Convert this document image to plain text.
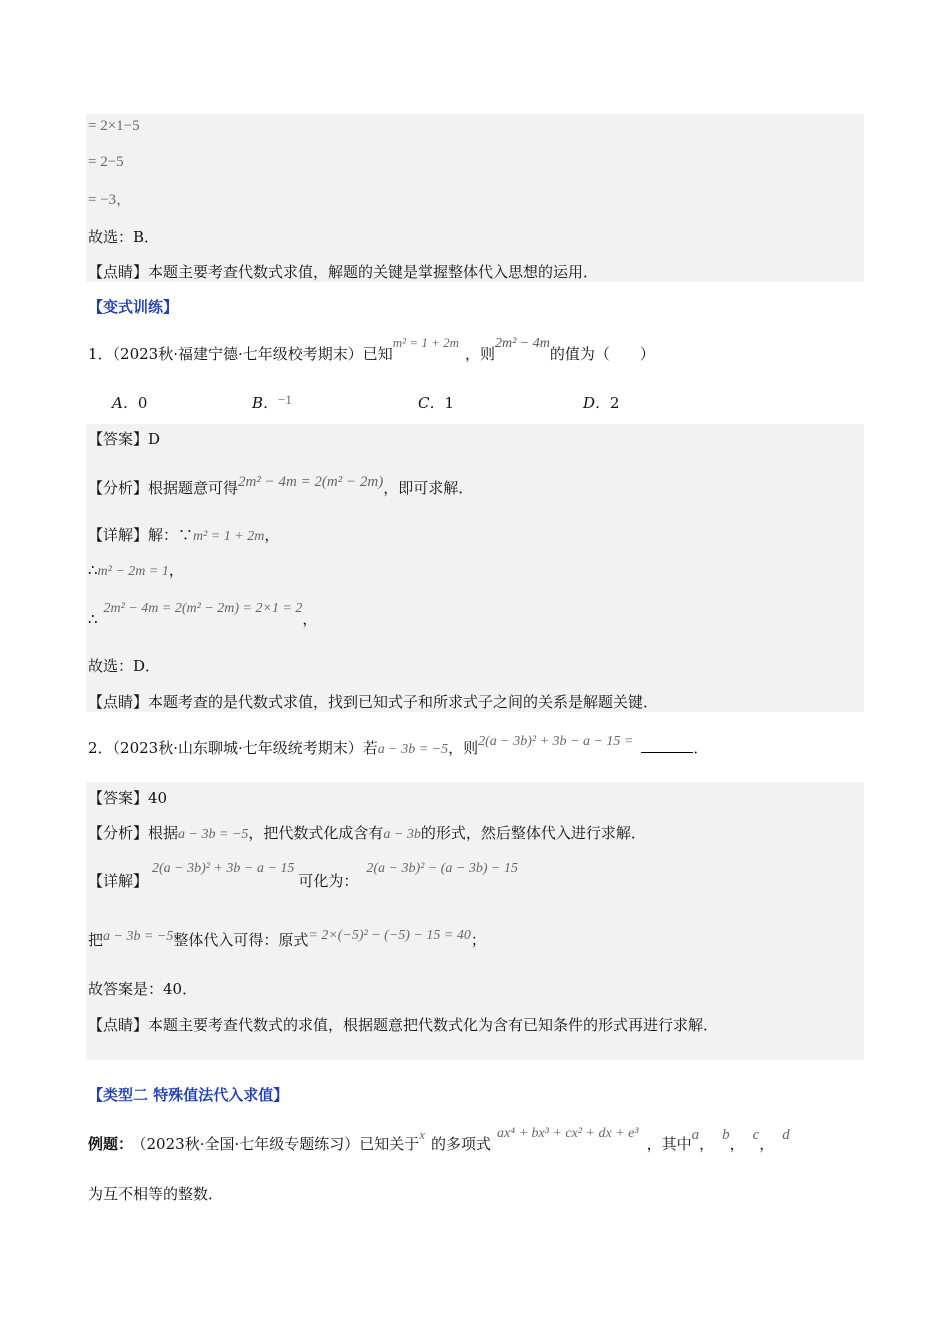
= 2×1−5
= 2−5
= −3，
故选：B．
【点睛】本题主要考查代数式求值，解题的关键是掌握整体代入思想的运用．
【变式训练】
1．（2023秋·福建宁德·七年级校考期末）已知m² = 1 + 2m，则2m² − 4m的值为（　　）
A．0	B．−1	C．1	D．2
【答案】D
【分析】根据题意可得2m² − 4m = 2(m² − 2m)，即可求解．
【详解】解：∵m² = 1 + 2m，
∴m² − 2m = 1，
∴2m² − 4m = 2(m² − 2m) = 2×1 = 2，
故选：D．
【点睛】本题考查的是代数式求值，找到已知式子和所求式子之间的关系是解题关键．
2．（2023秋·山东聊城·七年级统考期末）若a − 3b = −5，则2(a − 3b)² + 3b − a − 15 =	．
【答案】40
【分析】根据a − 3b = −5，把代数式化成含有a − 3b的形式，然后整体代入进行求解．
【详解】2(a − 3b)² + 3b − a − 15可化为：2(a − 3b)² − (a − 3b) − 15
把a − 3b = −5整体代入可得：原式= 2×(−5)² − (−5) − 15 = 40；
故答案是：40．
【点睛】本题主要考查代数式的求值，根据题意把代数式化为含有已知条件的形式再进行求解．
【类型二 特殊值法代入求值】
例题： （2023秋·全国·七年级专题练习）已知关于x的多项式ax⁴ + bx³ + cx² + dx + e³，其中a， b， c， d
为互不相等的整数．
